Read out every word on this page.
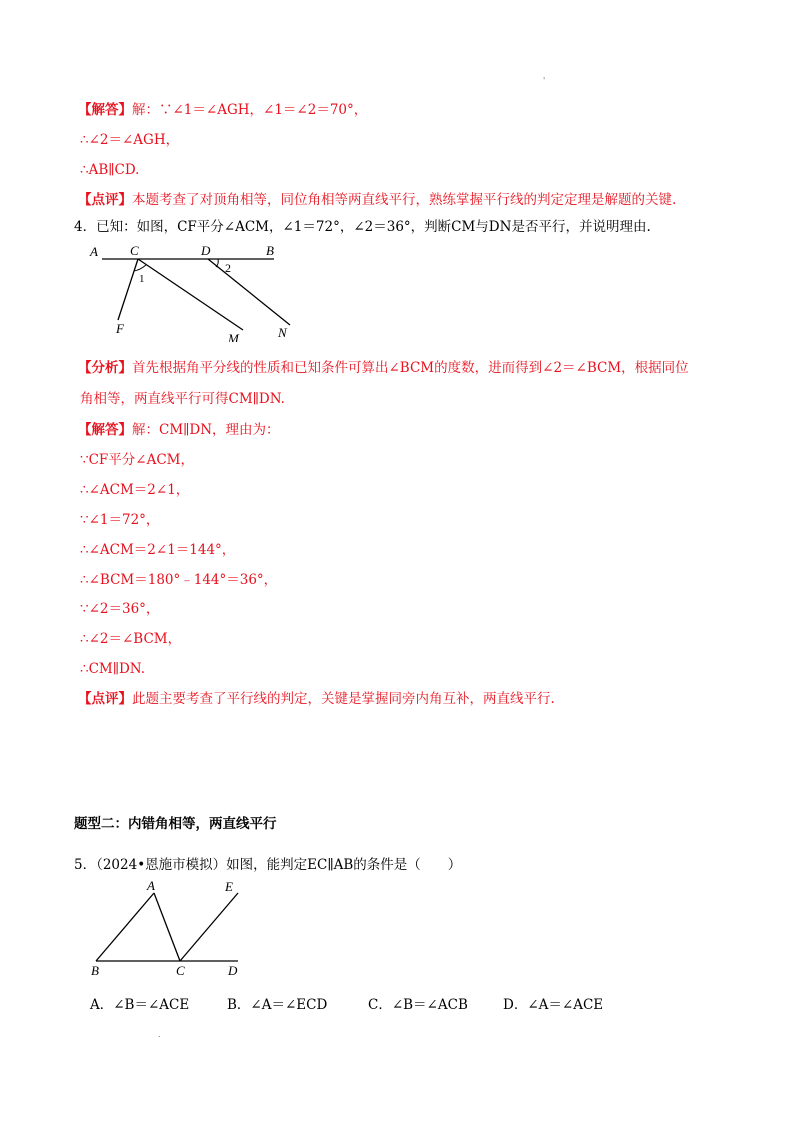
'
【解答】解：∵∠1＝∠AGH，∠1＝∠2＝70°，
∴∠2＝∠AGH，
∴AB∥CD.
【点评】本题考查了对顶角相等，同位角相等两直线平行，熟练掌握平行线的判定定理是解题的关键.
4．已知：如图，CF平分∠ACM，∠1＝72°，∠2＝36°，判断CM与DN是否平行，并说明理由.
A C	D	B
1
2
F
M	N
【分析】首先根据角平分线的性质和已知条件可算出∠BCM的度数，进而得到∠2＝∠BCM，根据同位
角相等，两直线平行可得CM∥DN.
【解答】解：CM∥DN，理由为：
∵CF平分∠ACM，
∴∠ACM＝2∠1，
∵∠1＝72°，
∴∠ACM＝2∠1＝144°，
∴∠BCM＝180°﹣144°＝36°，
∵∠2＝36°，
∴∠2＝∠BCM，
∴CM∥DN.
【点评】此题主要考查了平行线的判定，关键是掌握同旁内角互补，两直线平行.
题型二：内错角相等，两直线平行
5．（2024•恩施市模拟）如图，能判定EC∥AB的条件是（　　）
A	E
B	C	D
A．∠B＝∠ACE	B．∠A＝∠ECD	C．∠B＝∠ACB	D．∠A＝∠ACE
.
